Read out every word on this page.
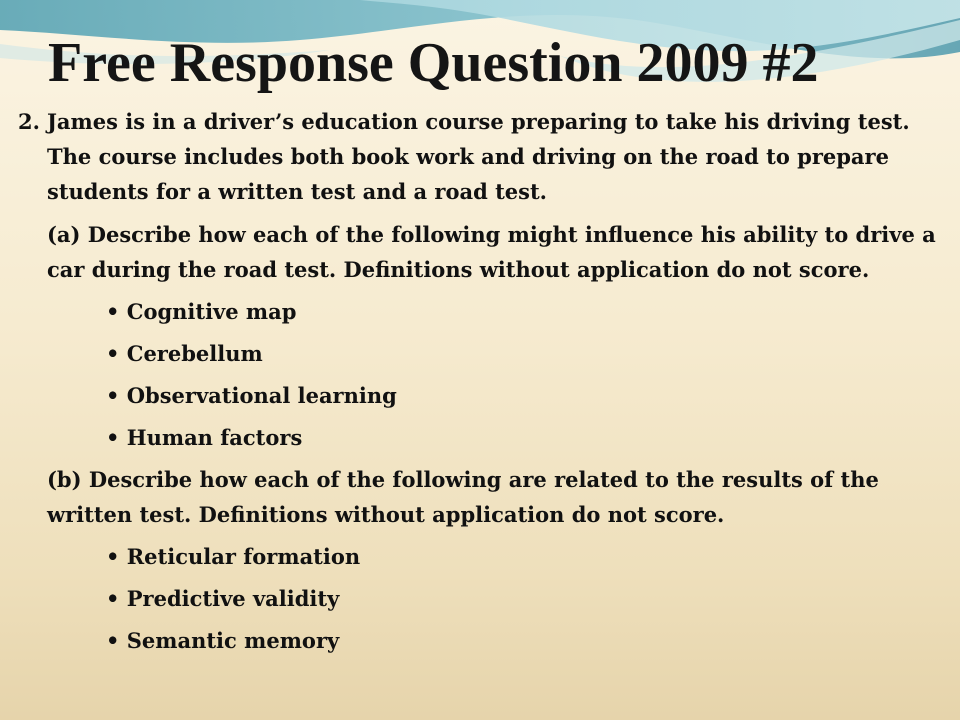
Free Response Question 2009 #2
2. James is in a driver’s education course preparing to take his driving test. The course includes both book work and driving on the road to prepare students for a written test and a road test.
(a) Describe how each of the following might influence his ability to drive a car during the road test. Definitions without application do not score.
• Cognitive map
• Cerebellum
• Observational learning
• Human factors
(b) Describe how each of the following are related to the results of the written test. Definitions without application do not score.
• Reticular formation
• Predictive validity
• Semantic memory
